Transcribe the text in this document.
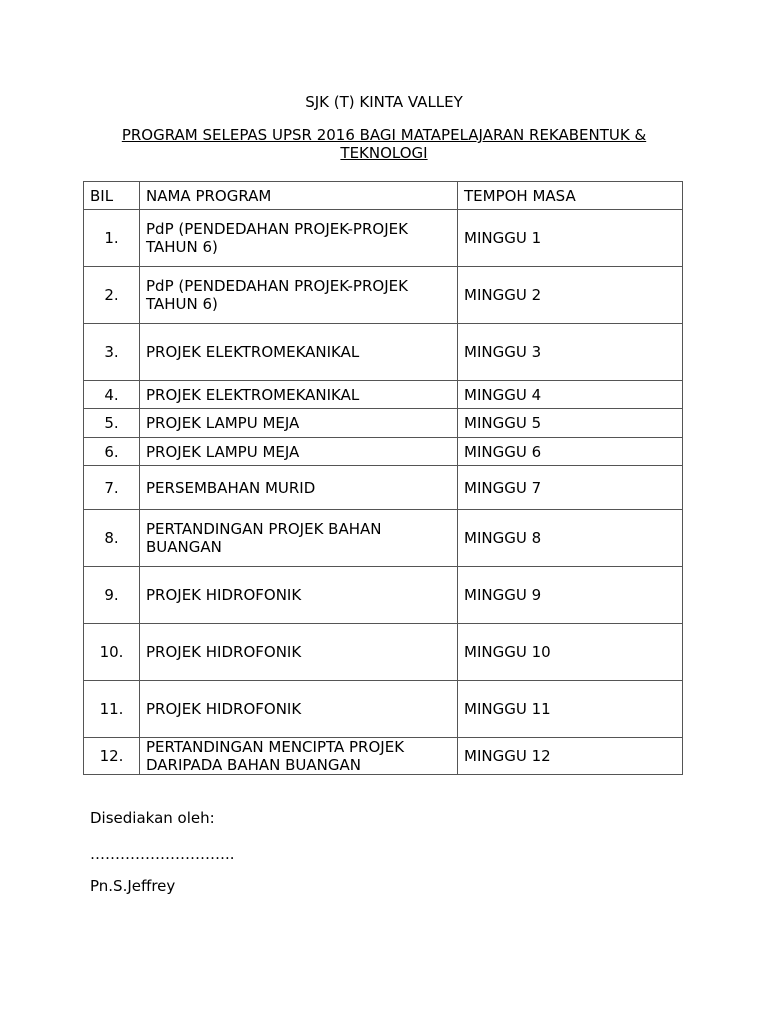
SJK (T) KINTA VALLEY
PROGRAM SELEPAS UPSR 2016 BAGI MATAPELAJARAN REKABENTUK & TEKNOLOGI
BIL	NAMA PROGRAM	TEMPOH MASA
1.	PdP (PENDEDAHAN PROJEK-PROJEK TAHUN 6)	MINGGU 1
2.	PdP (PENDEDAHAN PROJEK-PROJEK TAHUN 6)	MINGGU 2
3.	PROJEK ELEKTROMEKANIKAL	MINGGU 3
4.	PROJEK ELEKTROMEKANIKAL	MINGGU 4
5.	PROJEK LAMPU MEJA	MINGGU 5
6.	PROJEK LAMPU MEJA	MINGGU 6
7.	PERSEMBAHAN MURID	MINGGU 7
8.	PERTANDINGAN PROJEK BAHAN BUANGAN	MINGGU 8
9.	PROJEK HIDROFONIK	MINGGU 9
10.	PROJEK HIDROFONIK	MINGGU 10
11.	PROJEK HIDROFONIK	MINGGU 11
12.	PERTANDINGAN MENCIPTA PROJEK DARIPADA BAHAN BUANGAN	MINGGU 12
Disediakan oleh:
………………………..
Pn.S.Jeffrey
